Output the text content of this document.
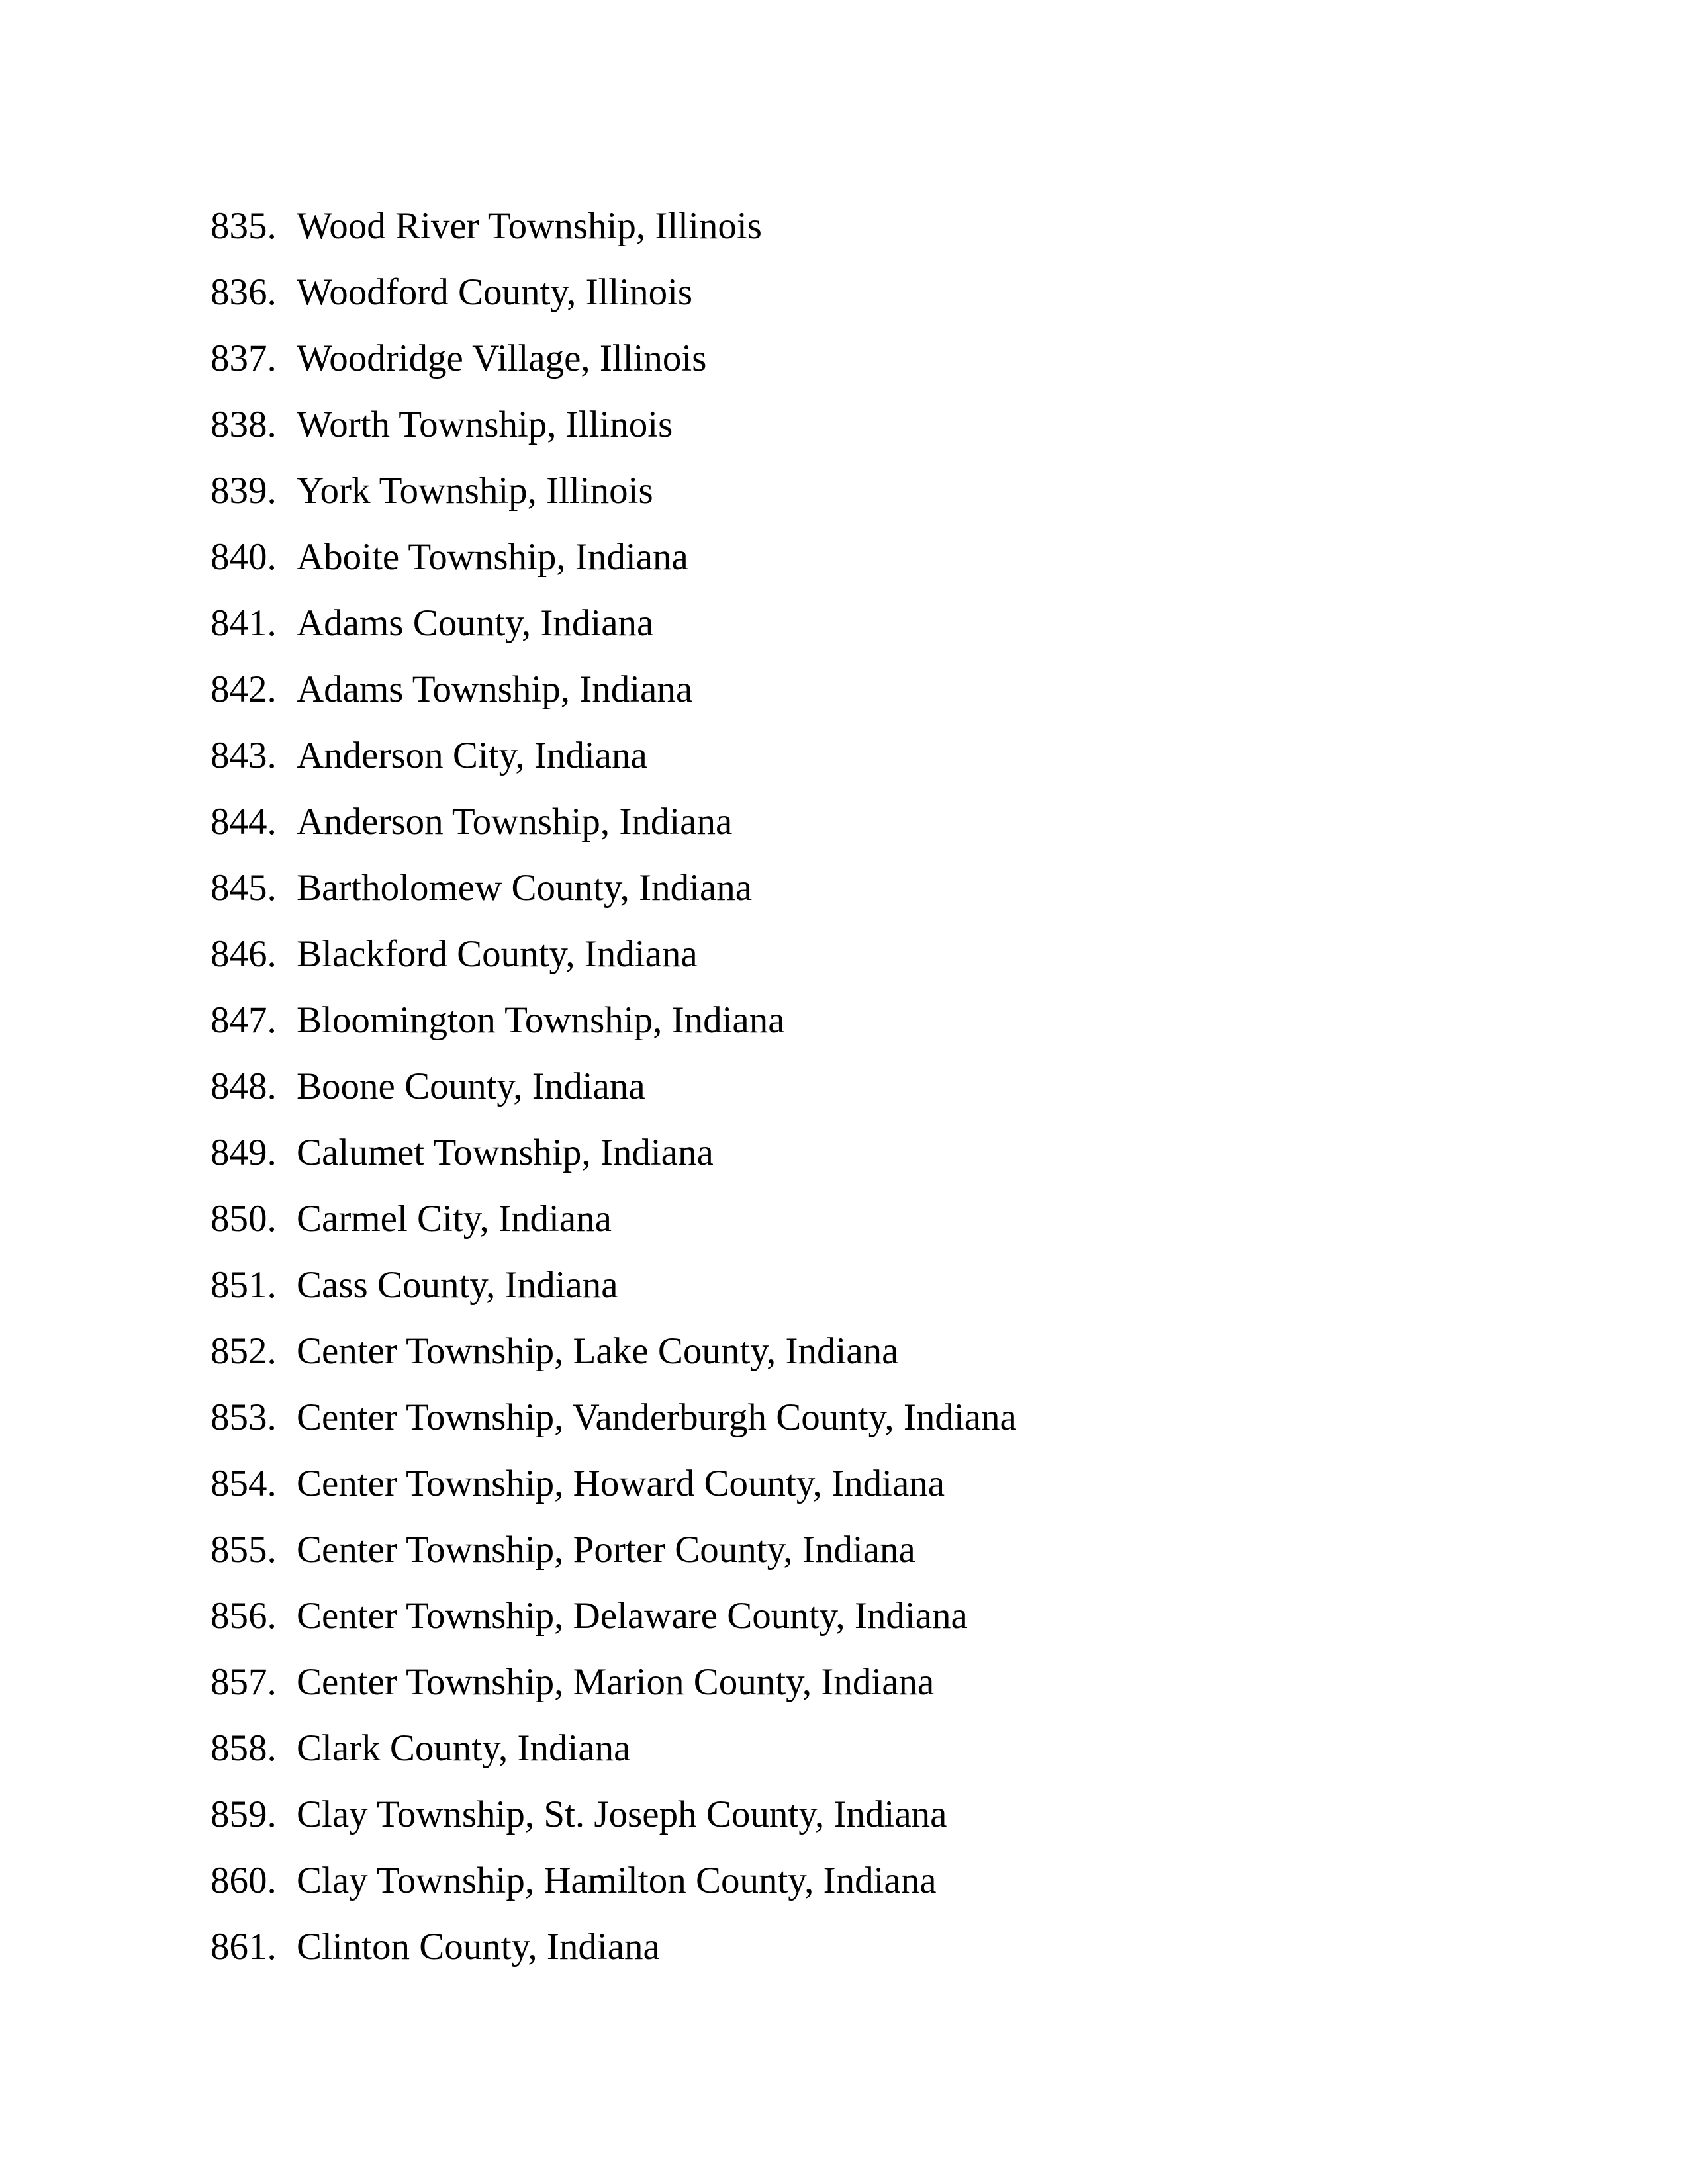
835. Wood River Township, Illinois
836. Woodford County, Illinois
837. Woodridge Village, Illinois
838. Worth Township, Illinois
839. York Township, Illinois
840. Aboite Township, Indiana
841. Adams County, Indiana
842. Adams Township, Indiana
843. Anderson City, Indiana
844. Anderson Township, Indiana
845. Bartholomew County, Indiana
846. Blackford County, Indiana
847. Bloomington Township, Indiana
848. Boone County, Indiana
849. Calumet Township, Indiana
850. Carmel City, Indiana
851. Cass County, Indiana
852. Center Township, Lake County, Indiana
853. Center Township, Vanderburgh County, Indiana
854. Center Township, Howard County, Indiana
855. Center Township, Porter County, Indiana
856. Center Township, Delaware County, Indiana
857. Center Township, Marion County, Indiana
858. Clark County, Indiana
859. Clay Township, St. Joseph County, Indiana
860. Clay Township, Hamilton County, Indiana
861. Clinton County, Indiana
